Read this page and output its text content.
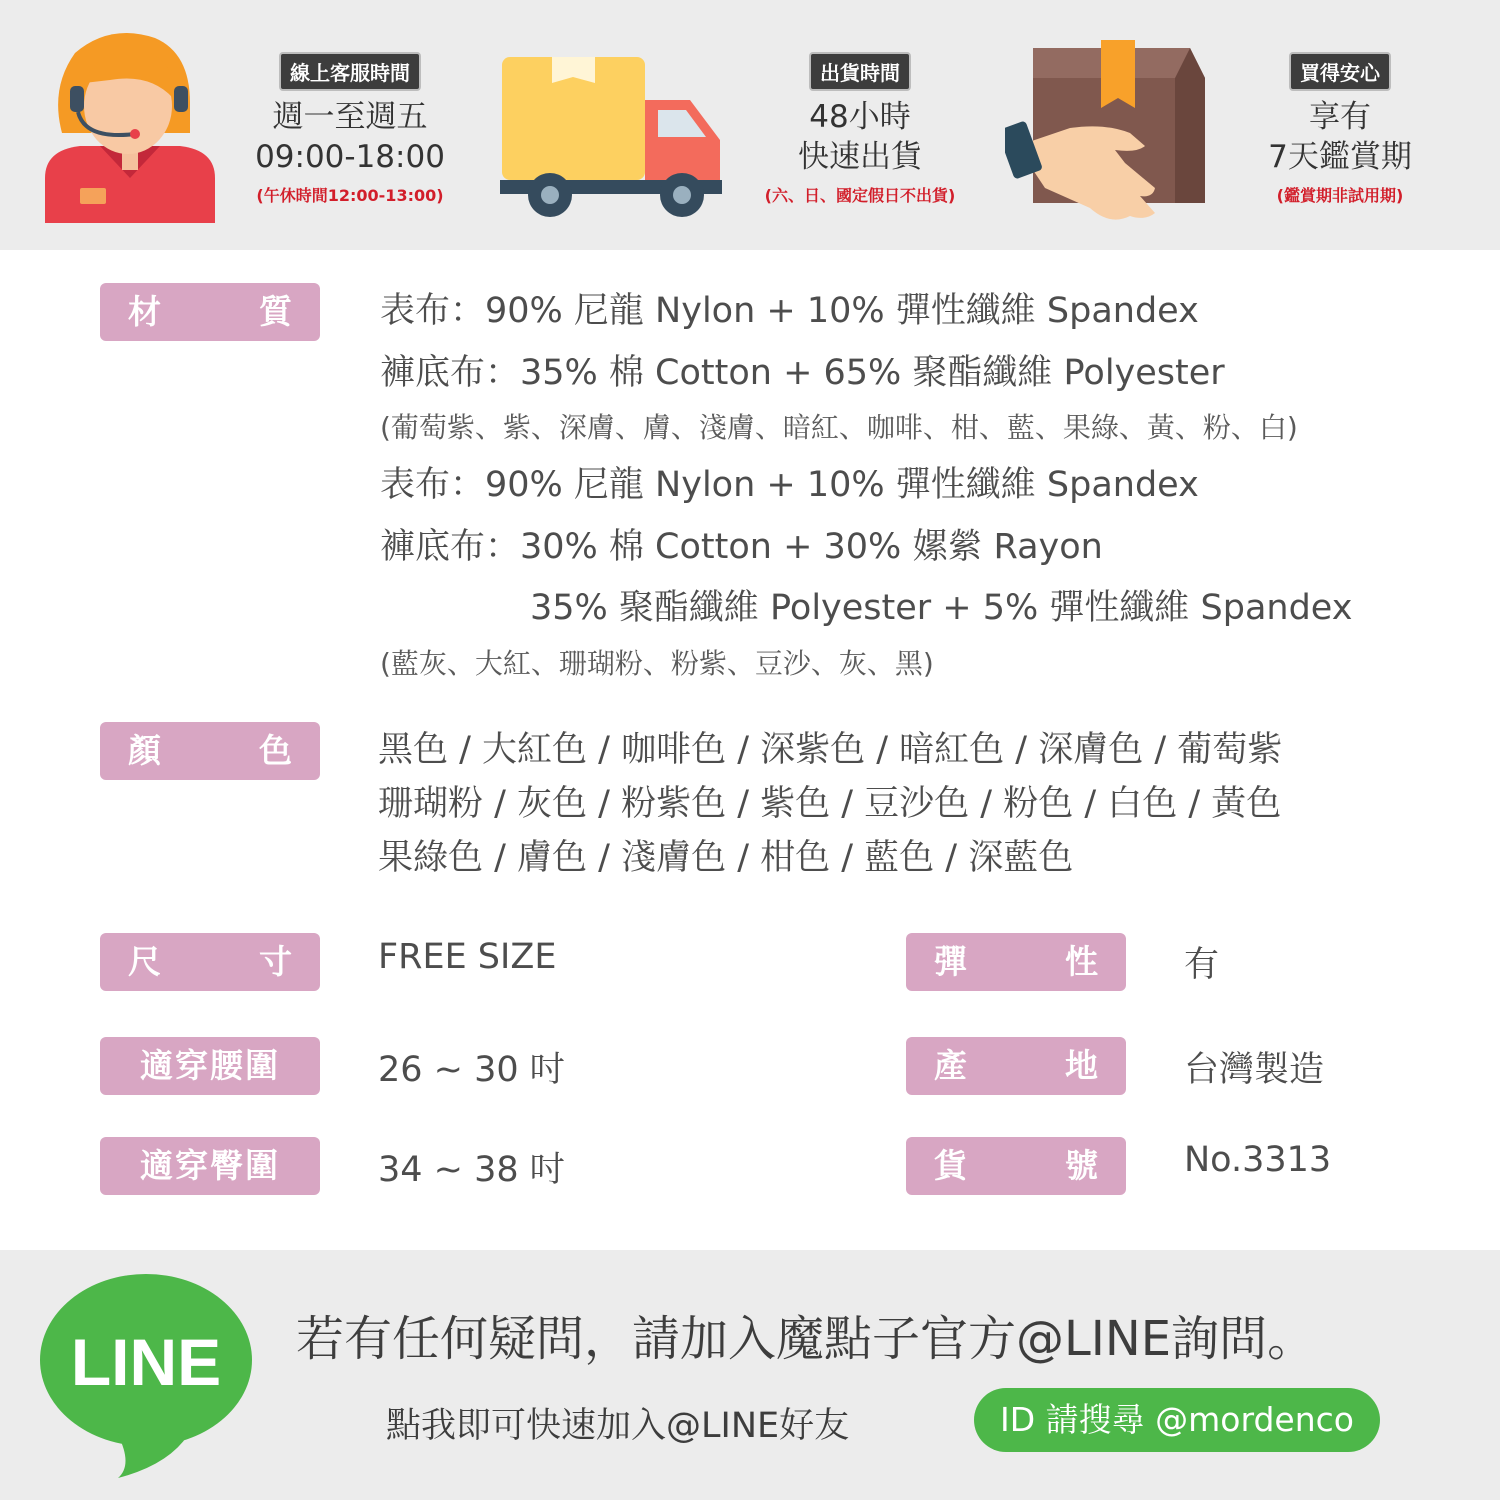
線上客服時間
週一至週五
09:00-18:00
(午休時間12:00-13:00)
出貨時間
48小時
快速出貨
(六、日、國定假日不出貨)
買得安心
享有
7天鑑賞期
(鑑賞期非試用期)
材	質	表布：90% 尼龍 Nylon + 10% 彈性纖維 Spandex
褲底布：35% 棉 Cotton + 65% 聚酯纖維 Polyester
(葡萄紫、紫、深膚、膚、淺膚、暗紅、咖啡、柑、藍、果綠、黃、粉、白)
表布：90% 尼龍 Nylon + 10% 彈性纖維 Spandex
褲底布：30% 棉 Cotton + 30% 嫘縈 Rayon
35% 聚酯纖維 Polyester + 5% 彈性纖維 Spandex
(藍灰、大紅、珊瑚粉、粉紫、豆沙、灰、黑)
顏	色 黑色 / 大紅色 / 咖啡色 / 深紫色 / 暗紅色 / 深膚色 / 葡萄紫
珊瑚粉 / 灰色 / 粉紫色 / 紫色 / 豆沙色 / 粉色 / 白色 / 黃色
果綠色 / 膚色 / 淺膚色 / 柑色 / 藍色 / 深藍色
尺	寸 FREE SIZE	彈	性 有
適穿腰圍	26 ~ 30 吋	產	地 台灣製造
適穿臀圍	34 ~ 38 吋	貨	號 No.3313
LINE 若有任何疑問，請加入魔點子官方@LINE詢問。
點我即可快速加入@LINE好友	ID 請搜尋 @mordenco
